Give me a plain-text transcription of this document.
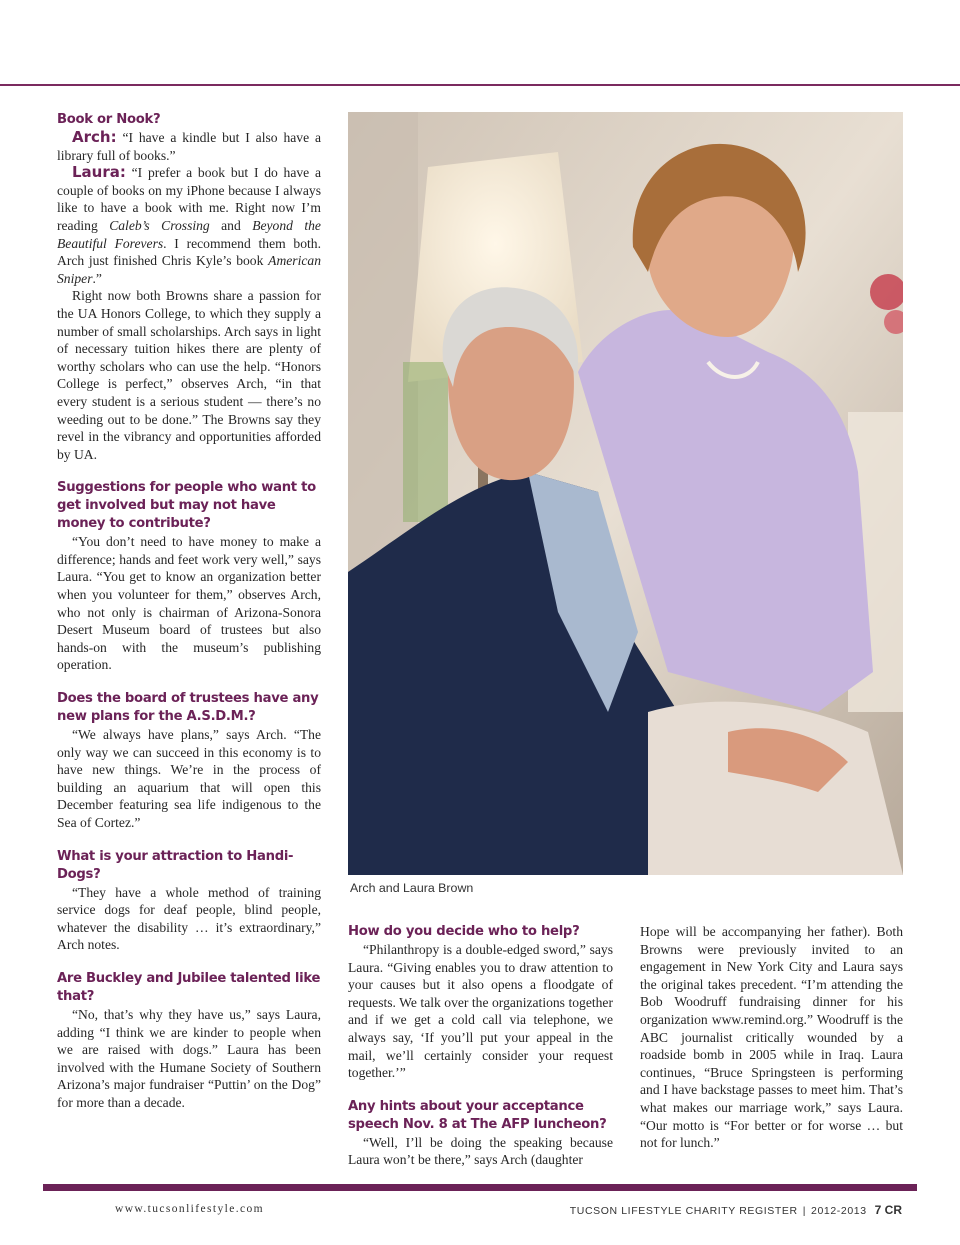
Book or Nook?

Arch: “I have a kindle but I also have a library full of books.”

Laura: “I prefer a book but I do have a couple of books on my iPhone because I always like to have a book with me. Right now I’m reading Caleb’s Crossing and Beyond the Beautiful Forevers. I recommend them both. Arch just finished Chris Kyle’s book American Sniper.”

Right now both Browns share a passion for the UA Honors College, to which they supply a number of small scholarships. Arch says in light of necessary tuition hikes there are plenty of worthy scholars who can use the help. “Honors College is perfect,” observes Arch, “in that every student is a serious student — there’s no weeding out to be done.” The Browns say they revel in the vibrancy and opportunities afforded by UA.

Suggestions for people who want to get involved but may not have money to contribute?

“You don’t need to have money to make a difference; hands and feet work very well,” says Laura. “You get to know an organization better when you volunteer for them,” observes Arch, who not only is chairman of Arizona-Sonora Desert Museum board of trustees but also hands-on with the museum’s publishing operation.

Does the board of trustees have any new plans for the A.S.D.M.?

“We always have plans,” says Arch. “The only way we can succeed in this economy is to have new things. We’re in the process of building an aquarium that will open this December featuring sea life indigenous to the Sea of Cortez.”

What is your attraction to Handi-Dogs?

“They have a whole method of training service dogs for deaf people, blind people, whatever the disability … it’s extraordinary,” Arch notes.

Are Buckley and Jubilee talented like that?

“No, that’s why they have us,” says Laura, adding “I think we are kinder to people when we are raised with dogs.” Laura has been involved with the Humane Society of Southern Arizona’s major fundraiser “Puttin’ on the Dog” for more than a decade.

Arch and Laura Brown
How do you decide who to help?

“Philanthropy is a double-edged sword,” says Laura. “Giving enables you to draw attention to your causes but it also opens a floodgate of requests. We talk over the organizations together and if we get a cold call via telephone, we always say, ‘If you’ll put your appeal in the mail, we’ll certainly consider your request together.’”

Any hints about your acceptance speech Nov. 8 at The AFP luncheon?

“Well, I’ll be doing the speaking because Laura won’t be there,” says Arch (daughter

Hope will be accompanying her father). Both Browns were previously invited to an engagement in New York City and Laura says the original takes precedent. “I’m attending the Bob Woodruff fundraising dinner for his organization www.remind.org.” Woodruff is the ABC journalist critically wounded by a roadside bomb in 2005 while in Iraq. Laura continues, “Bruce Springsteen is performing and I have backstage passes to meet him. That’s what makes our marriage work,” says Laura. “Our motto is “For better or for worse … but not for lunch.”

www.tucsonlifestyle.com	TUCSON LIFESTYLE CHARITY REGISTER | 2012-2013 7 CR
